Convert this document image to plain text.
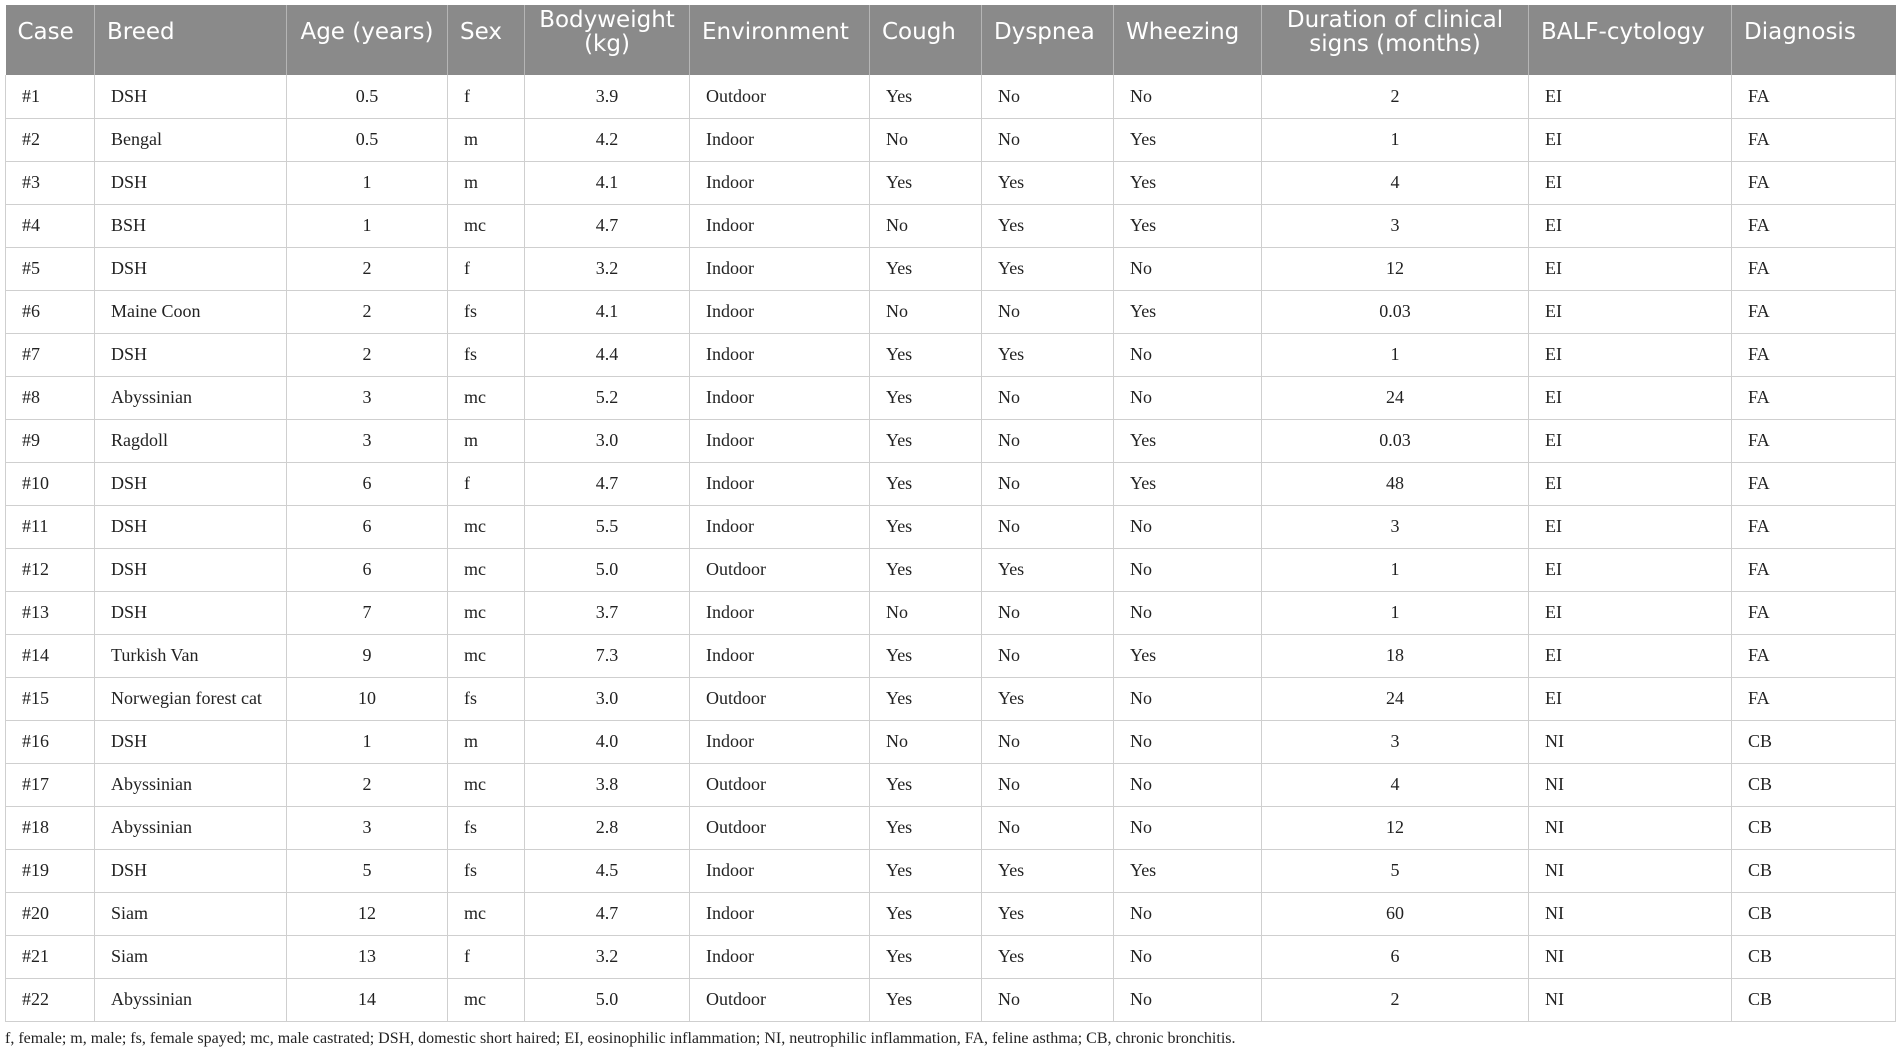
Case	Breed	Age (years)	Sex	Bodyweight (kg)	Environment	Cough	Dyspnea	Wheezing	Duration of clinical signs (months)	BALF-cytology	Diagnosis
#1	DSH	0.5	f	3.9	Outdoor	Yes	No	No	2	EI	FA
#2	Bengal	0.5	m	4.2	Indoor	No	No	Yes	1	EI	FA
#3	DSH	1	m	4.1	Indoor	Yes	Yes	Yes	4	EI	FA
#4	BSH	1	mc	4.7	Indoor	No	Yes	Yes	3	EI	FA
#5	DSH	2	f	3.2	Indoor	Yes	Yes	No	12	EI	FA
#6	Maine Coon	2	fs	4.1	Indoor	No	No	Yes	0.03	EI	FA
#7	DSH	2	fs	4.4	Indoor	Yes	Yes	No	1	EI	FA
#8	Abyssinian	3	mc	5.2	Indoor	Yes	No	No	24	EI	FA
#9	Ragdoll	3	m	3.0	Indoor	Yes	No	Yes	0.03	EI	FA
#10	DSH	6	f	4.7	Indoor	Yes	No	Yes	48	EI	FA
#11	DSH	6	mc	5.5	Indoor	Yes	No	No	3	EI	FA
#12	DSH	6	mc	5.0	Outdoor	Yes	Yes	No	1	EI	FA
#13	DSH	7	mc	3.7	Indoor	No	No	No	1	EI	FA
#14	Turkish Van	9	mc	7.3	Indoor	Yes	No	Yes	18	EI	FA
#15	Norwegian forest cat	10	fs	3.0	Outdoor	Yes	Yes	No	24	EI	FA
#16	DSH	1	m	4.0	Indoor	No	No	No	3	NI	CB
#17	Abyssinian	2	mc	3.8	Outdoor	Yes	No	No	4	NI	CB
#18	Abyssinian	3	fs	2.8	Outdoor	Yes	No	No	12	NI	CB
#19	DSH	5	fs	4.5	Indoor	Yes	Yes	Yes	5	NI	CB
#20	Siam	12	mc	4.7	Indoor	Yes	Yes	No	60	NI	CB
#21	Siam	13	f	3.2	Indoor	Yes	Yes	No	6	NI	CB
#22	Abyssinian	14	mc	5.0	Outdoor	Yes	No	No	2	NI	CB
f, female; m, male; fs, female spayed; mc, male castrated; DSH, domestic short haired; EI, eosinophilic inflammation; NI, neutrophilic inflammation, FA, feline asthma; CB, chronic bronchitis.
